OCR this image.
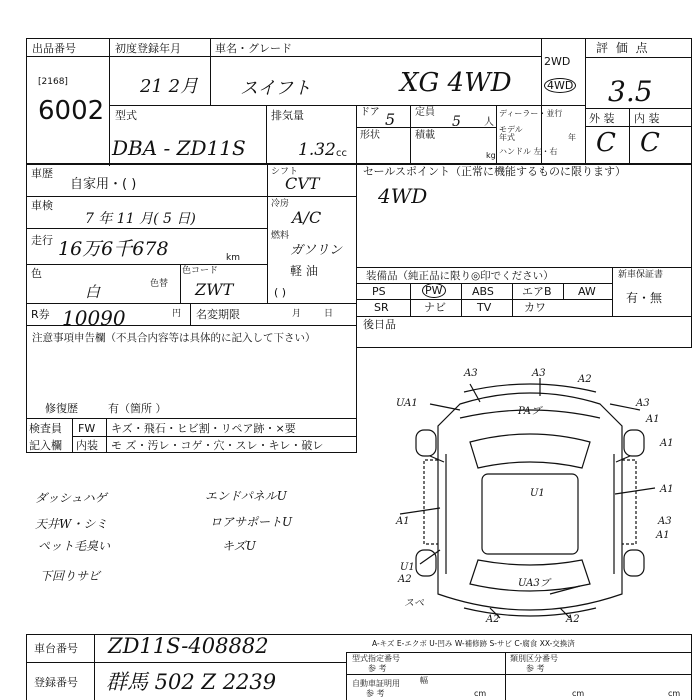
出品番号
[2168]
6002
初度登録年月
21 2月
車名・グレード
スイフト	XG 4WD
2WD
4WD
評 価 点
3.5
外 装 内 装
C C
型式
DBA - ZD11S
排気量
1.32 cc
ドア 5
形状
定員
5 人
積載
kg
ディーラー・並行
モデル年式	年
ハンドル 左・右
車歴
自家用・( )
シフト
CVT
車検
7 年 11 月( 5 日)
冷房
A/C
走行 16万6千678	km
燃料
ガソリン
軽 油
( )
色
白	色替
色コード
ZWT
R券 10090	円 名変期限	月	日
セールスポイント（正常に機能するものに限ります）
4WD
装備品（純正品に限り◎印でください）	新車保証書
有・無
PS	PW	ABS	エアB AW
SR	ナビ	TV	カワ
後日品
注意事項申告欄（不具合内容等は具体的に記入して下さい）
修復歴	有（箇所 ）
検査員
記入欄
FW キズ・飛石・ヒビ割・リペア跡・×要
内装 モ ズ・汚レ・コゲ・穴・スレ・キレ・破レ
ダッシュハゲ
天井W・シミ
ペット毛臭い
下回りサビ
エンドパネルU
ロアサポートU
キズU
A3	A3
A2
UA1
PAブ
A3
A1
A1
A1
A1
U1
U1
A2	UA3ブ
A2	A2
スペ
A3
A1
A-キズ E-エクボ U-凹み W-補修跡 S-サビ C-腐食 XX-交換済
車台番号 ZD11S-408882
登録番号 群馬 502 Z 2239
型式指定番号
参 考
類別区分番号
参 考
幅
自動車証明用
参 考	cm	cm	cm
